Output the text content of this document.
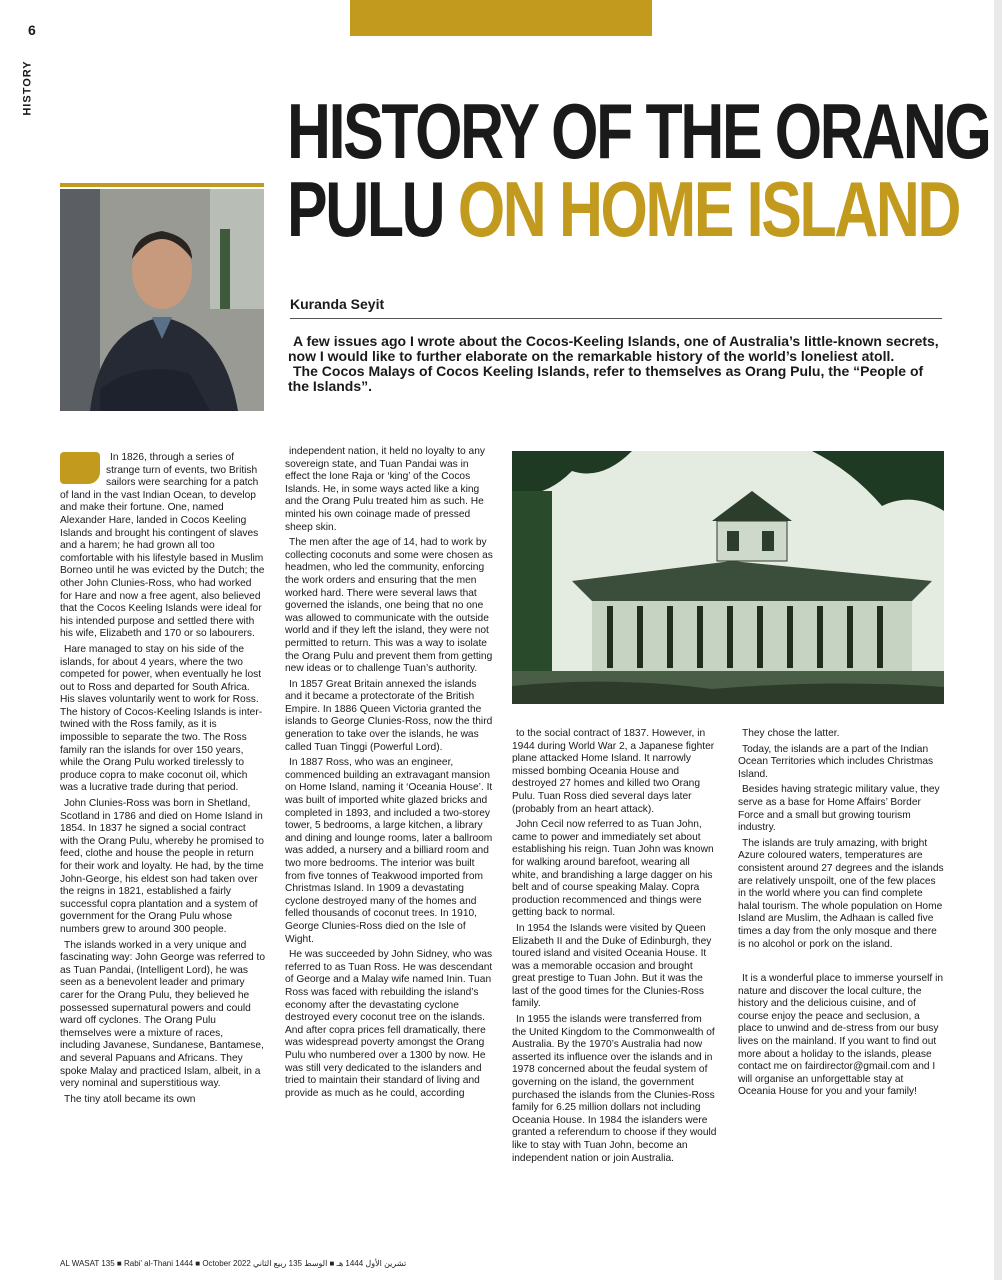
6
HISTORY	HISTORY OF THE ORANG
PULU ON HOME ISLAND
Kuranda Seyit

A few issues ago I wrote about the Cocos-Keeling Islands, one of Australia’s little-known secrets, now I would like to further elaborate on the remarkable history of the world’s loneliest atoll.

The Cocos Malays of Cocos Keeling Islands, refer to themselves as Orang Pulu, the “People of the Islands”.

In 1826, through a series of strange turn of events, two British sailors were searching for a patch of land in the vast Indian Ocean, to develop and make their fortune. One, named Alexander Hare, landed in Cocos Keeling Islands and brought his contingent of slaves and a harem; he had grown all too comfortable with his lifestyle based in Muslim Borneo until he was evicted by the Dutch; the other John Clunies-Ross, who had worked for Hare and now a free agent, also believed that the Cocos Keeling Islands were ideal for his intended purpose and settled there with his wife, Elizabeth and 170 or so labourers.

Hare managed to stay on his side of the islands, for about 4 years, where the two competed for power, when eventually he lost out to Ross and departed for South Africa. His slaves voluntarily went to work for Ross. The history of Cocos-Keeling Islands is inter-twined with the Ross family, as it is impossible to separate the two. The Ross family ran the islands for over 150 years, while the Orang Pulu worked tirelessly to produce copra to make coconut oil, which was a lucrative trade during that period.

John Clunies-Ross was born in Shetland, Scotland in 1786 and died on Home Island in 1854. In 1837 he signed a social contract with the Orang Pulu, whereby he promised to feed, clothe and house the people in return for their work and loyalty. He had, by the time John-George, his eldest son had taken over the reigns in 1821, established a fairly successful copra plantation and a system of government for the Orang Pulu whose numbers grew to around 300 people.

The islands worked in a very unique and fascinating way: John George was referred to as Tuan Pandai, (Intelligent Lord), he was seen as a benevolent leader and primary carer for the Orang Pulu, they believed he possessed supernatural powers and could ward off cyclones. The Orang Pulu themselves were a mixture of races, including Javanese, Sundanese, Bantamese, and several Papuans and Africans. They spoke Malay and practiced Islam, albeit, in a very nominal and superstitious way.

The tiny atoll became its own

independent nation, it held no loyalty to any sovereign state, and Tuan Pandai was in effect the lone Raja or ‘king’ of the Cocos Islands. He, in some ways acted like a king and the Orang Pulu treated him as such. He minted his own coinage made of pressed sheep skin.

The men after the age of 14, had to work by collecting coconuts and some were chosen as headmen, who led the community, enforcing the work orders and ensuring that the men worked hard. There were several laws that governed the islands, one being that no one was allowed to communicate with the outside world and if they left the island, they were not permitted to return. This was a way to isolate the Orang Pulu and prevent them from getting new ideas or to challenge Tuan’s authority.

In 1857 Great Britain annexed the islands and it became a protectorate of the British Empire. In 1886 Queen Victoria granted the islands to George Clunies-Ross, now the third generation to take over the islands, he was called Tuan Tinggi (Powerful Lord).

In 1887 Ross, who was an engineer, commenced building an extravagant mansion on Home Island, naming it ‘Oceania House’. It was built of imported white glazed bricks and completed in 1893, and included a two-storey tower, 5 bedrooms, a large kitchen, a library and dining and lounge rooms, later a ballroom was added, a nursery and a billiard room and two more bedrooms. The interior was built from five tonnes of Teakwood imported from Christmas Island. In 1909 a devastating cyclone destroyed many of the homes and felled thousands of coconut trees. In 1910, George Clunies-Ross died on the Isle of Wight.

He was succeeded by John Sidney, who was referred to as Tuan Ross. He was descendant of George and a Malay wife named Inin. Tuan Ross was faced with rebuilding the island’s economy after the devastating cyclone destroyed every coconut tree on the islands. And after copra prices fell dramatically, there was widespread poverty amongst the Orang Pulu who numbered over a 1300 by now. He was still very dedicated to the islanders and tried to maintain their standard of living and provide as much as he could, according

to the social contract of 1837. However, in 1944 during World War 2, a Japanese fighter plane attacked Home Island. It narrowly missed bombing Oceania House and destroyed 27 homes and killed two Orang Pulu. Tuan Ross died several days later (probably from an heart attack).

John Cecil now referred to as Tuan John, came to power and immediately set about establishing his reign. Tuan John was known for walking around barefoot, wearing all white, and brandishing a large dagger on his belt and of course speaking Malay. Copra production recommenced and things were getting back to normal.

In 1954 the Islands were visited by Queen Elizabeth II and the Duke of Edinburgh, they toured island and visited Oceania House. It was a memorable occasion and brought great prestige to Tuan John. But it was the last of the good times for the Clunies-Ross family.

In 1955 the islands were transferred from the United Kingdom to the Commonwealth of Australia. By the 1970’s Australia had now asserted its influence over the islands and in 1978 concerned about the feudal system of governing on the island, the government purchased the islands from the Clunies-Ross family for 6.25 million dollars not including Oceania House. In 1984 the islanders were granted a referendum to choose if they would like to stay with Tuan John, become an independent nation or join Australia.

They chose the latter.

Today, the islands are a part of the Indian Ocean Territories which includes Christmas Island.

Besides having strategic military value, they serve as a base for Home Affairs’ Border Force and a small but growing tourism industry.

The islands are truly amazing, with bright Azure coloured waters, temperatures are consistent around 27 degrees and the islands are relatively unspoilt, one of the few places in the world where you can find complete halal tourism. The whole population on Home Island are Muslim, the Adhaan is called five times a day from the only mosque and there is no alcohol or pork on the island.

It is a wonderful place to immerse yourself in nature and discover the local culture, the history and the delicious cuisine, and of course enjoy the peace and seclusion, a place to unwind and de-stress from our busy lives on the mainland. If you want to find out more about a holiday to the islands, please contact me on fairdirector@gmail.com and I will organise an unforgettable stay at Oceania House for you and your family!

AL WASAT 135 ■ Rabi’ al-Thani 1444 ■ October 2022 تشرين الأول 1444 هـ ■ الوسط 135 ربيع الثاني
